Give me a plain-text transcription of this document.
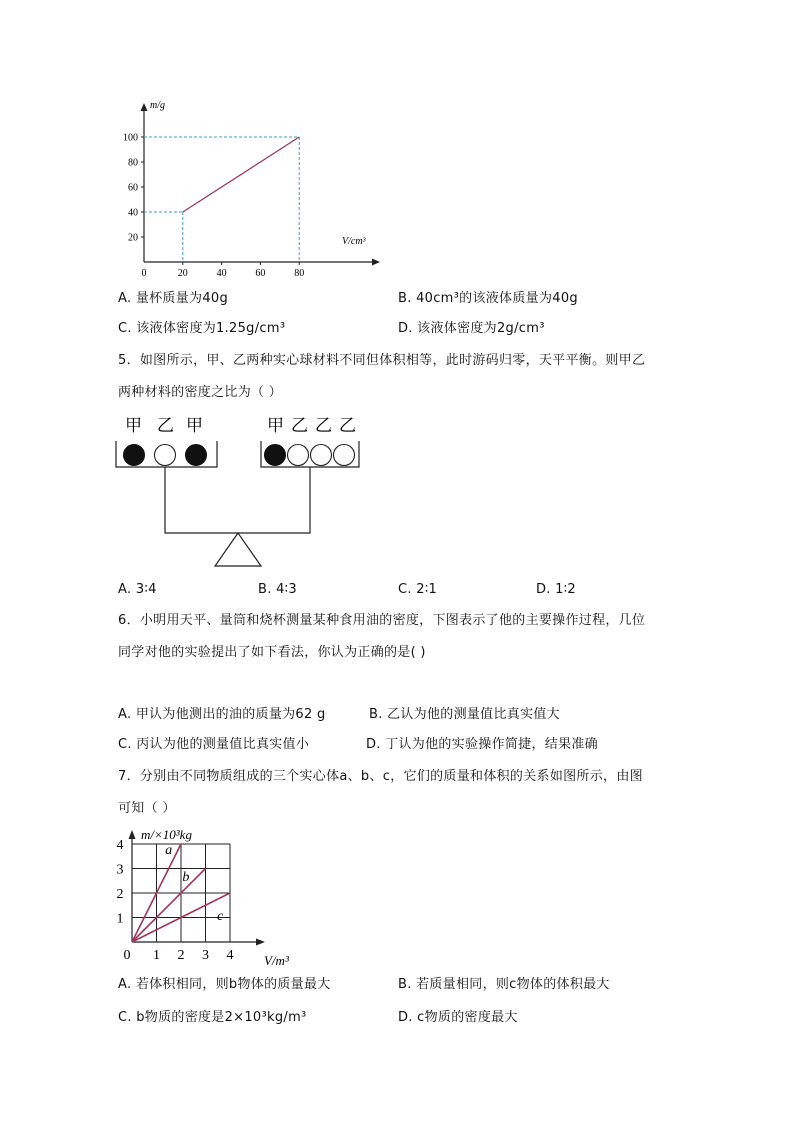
m/g
V/cm³
100
80
60
40
20
0	20	40	60	80
A. 量杯质量为40g	B. 40cm³的该液体质量为40g
C. 该液体密度为1.25g/cm³	D. 该液体密度为2g/cm³
5．如图所示，甲、乙两种实心球材料不同但体积相等，此时游码归零，天平平衡。则甲乙
两种材料的密度之比为（ ）
甲 乙 甲	甲 乙 乙 乙
A. 3∶4	B. 4∶3	C. 2∶1	D. 1∶2
6．小明用天平、量筒和烧杯测量某种食用油的密度，下图表示了他的主要操作过程，几位
同学对他的实验提出了如下看法，你认为正确的是( )
A. 甲认为他测出的油的质量为62 g	B. 乙认为他的测量值比真实值大
C. 丙认为他的测量值比真实值小	D. 丁认为他的实验操作简捷，结果准确
7．分别由不同物质组成的三个实心体a、b、c，它们的质量和体积的关系如图所示，由图
可知（ ）
m/×10³kg
V/m³
1
2
3
4
0 1 2 3 4
a
b
c
A. 若体积相同，则b物体的质量最大	B. 若质量相同，则c物体的体积最大
C. b物质的密度是2×10³kg/m³	D. c物质的密度最大
